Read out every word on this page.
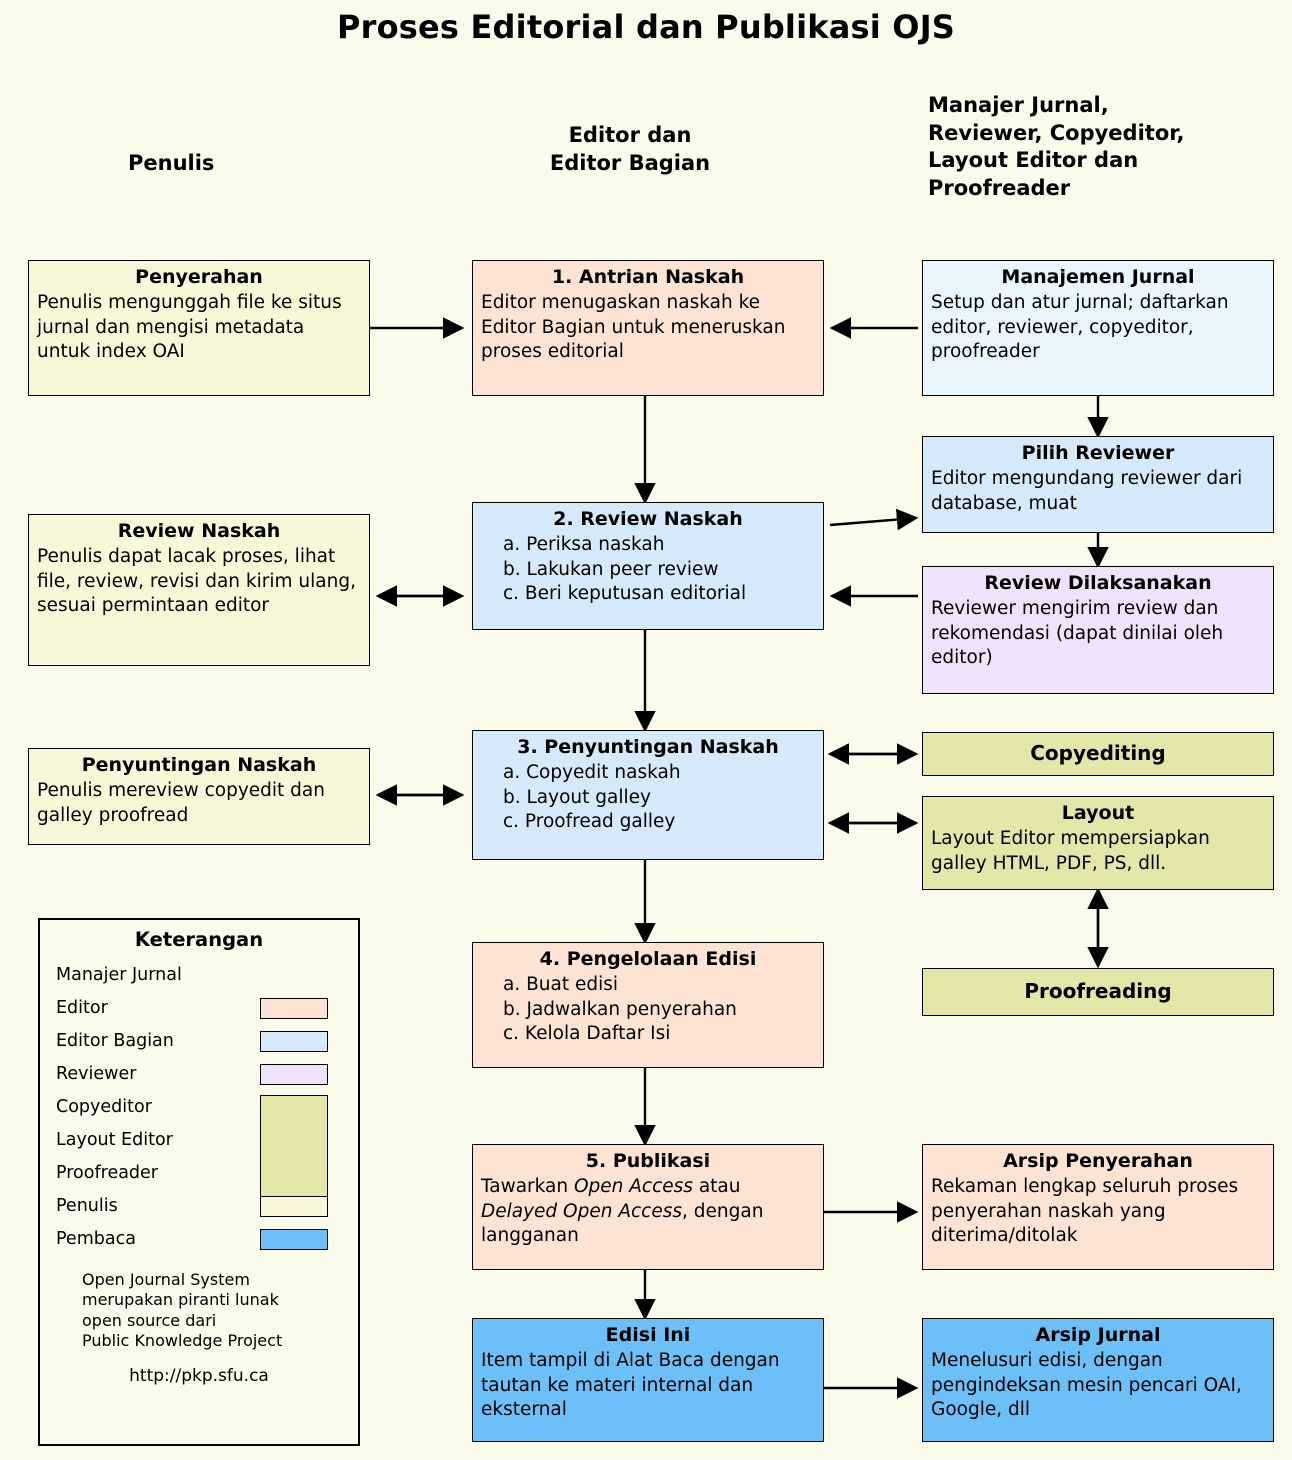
Proses Editorial dan Publikasi OJS
Penulis
Editor dan
Editor Bagian
Manajer Jurnal,
Reviewer, Copyeditor,
Layout Editor dan
Proofreader
Penyerahan
Penulis mengunggah file ke situs jurnal dan mengisi metadata untuk index OAI
1. Antrian Naskah
Editor menugaskan naskah ke Editor Bagian untuk meneruskan proses editorial
Manajemen Jurnal
Setup dan atur jurnal; daftarkan editor, reviewer, copyeditor, proofreader
Pilih Reviewer
Editor mengundang reviewer dari database, muat
Review Naskah
Penulis dapat lacak proses, lihat file, review, revisi dan kirim ulang, sesuai permintaan editor
2. Review Naskah
a. Periksa naskah
b. Lakukan peer review
c. Beri keputusan editorial	Review Dilaksanakan
Reviewer mengirim review dan rekomendasi (dapat dinilai oleh editor)
Penyuntingan Naskah
Penulis mereview copyedit dan galley proofread
3. Penyuntingan Naskah
a. Copyedit naskah
b. Layout galley
c. Proofread galley
Copyediting
Layout
Layout Editor mempersiapkan galley HTML, PDF, PS, dll.
Proofreading
4. Pengelolaan Edisi
a. Buat edisi
b. Jadwalkan penyerahan
c. Kelola Daftar Isi
5. Publikasi
Tawarkan Open Access atau Delayed Open Access, dengan langganan
Arsip Penyerahan
Rekaman lengkap seluruh proses penyerahan naskah yang diterima/ditolak
Edisi Ini
Item tampil di Alat Baca dengan tautan ke materi internal dan eksternal
Arsip Jurnal
Menelusuri edisi, dengan pengindeksan mesin pencari OAI, Google, dll
Keterangan
Manajer Jurnal
Editor
Editor Bagian
Reviewer
Copyeditor
Layout Editor
Proofreader
Penulis
Pembaca
Open Journal System
merupakan piranti lunak
open source dari
Public Knowledge Project
http://pkp.sfu.ca
